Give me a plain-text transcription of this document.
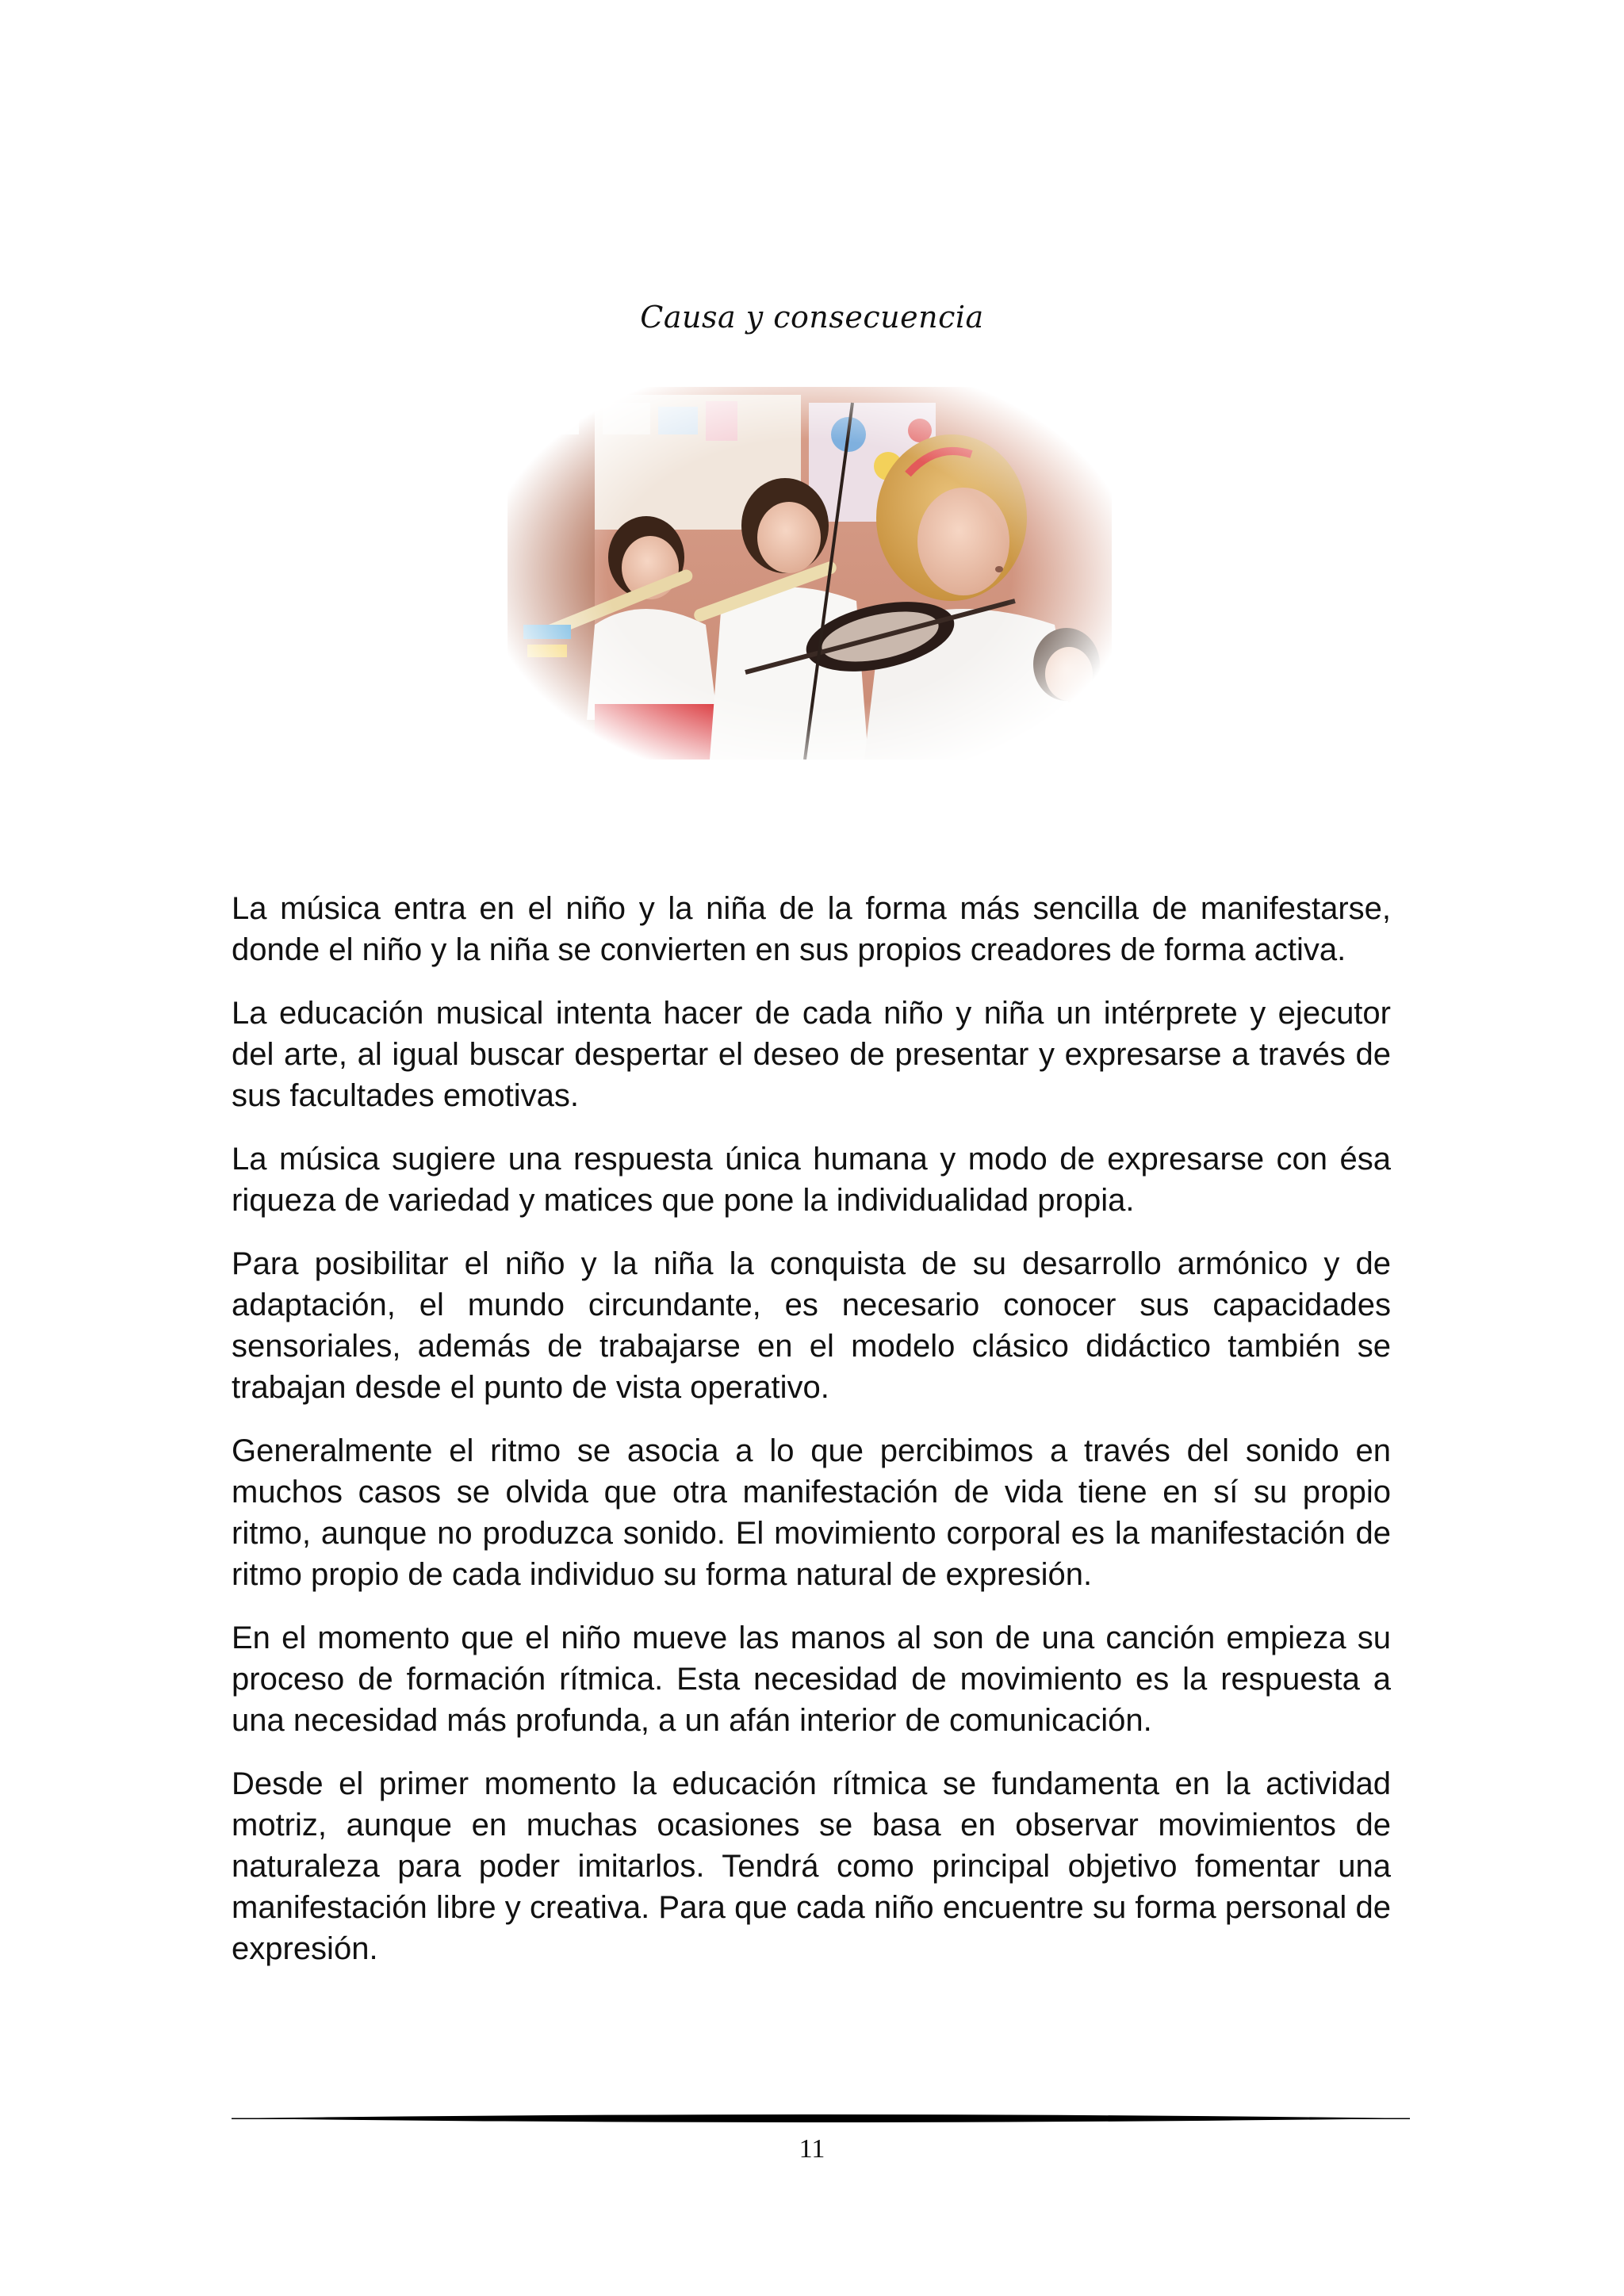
Causa y consecuencia

La música entra en el niño y la niña de la forma más sencilla de manifestarse, donde el niño y la niña se convierten en sus propios creadores de forma activa.

La educación musical intenta hacer de cada niño y niña un intérprete y ejecutor del arte, al igual buscar despertar el deseo de presentar y expresarse a través de sus facultades emotivas.

La música sugiere una respuesta única humana y modo de expresarse con ésa riqueza de variedad y matices que pone la individualidad propia.

Para posibilitar el niño y la niña la conquista de su desarrollo armónico y de adaptación, el mundo circundante, es necesario conocer sus capacidades sensoriales, además de trabajarse en el modelo clásico didáctico también se trabajan desde el punto de vista operativo.

Generalmente el ritmo se asocia a lo que percibimos a través del sonido en muchos casos se olvida que otra manifestación de vida tiene en sí su propio ritmo, aunque no produzca sonido. El movimiento corporal es la manifestación de ritmo propio de cada individuo su forma natural de expresión.

En el momento que el niño mueve las manos al son de una canción empieza su proceso de formación rítmica. Esta necesidad de movimiento es la respuesta a una necesidad más profunda, a un afán interior de comunicación.

Desde el primer momento la educación rítmica se fundamenta en la actividad motriz, aunque en muchas ocasiones se basa en observar movimientos de naturaleza para poder imitarlos. Tendrá como principal objetivo fomentar una manifestación libre y creativa. Para que cada niño encuentre su forma personal de expresión.

11
